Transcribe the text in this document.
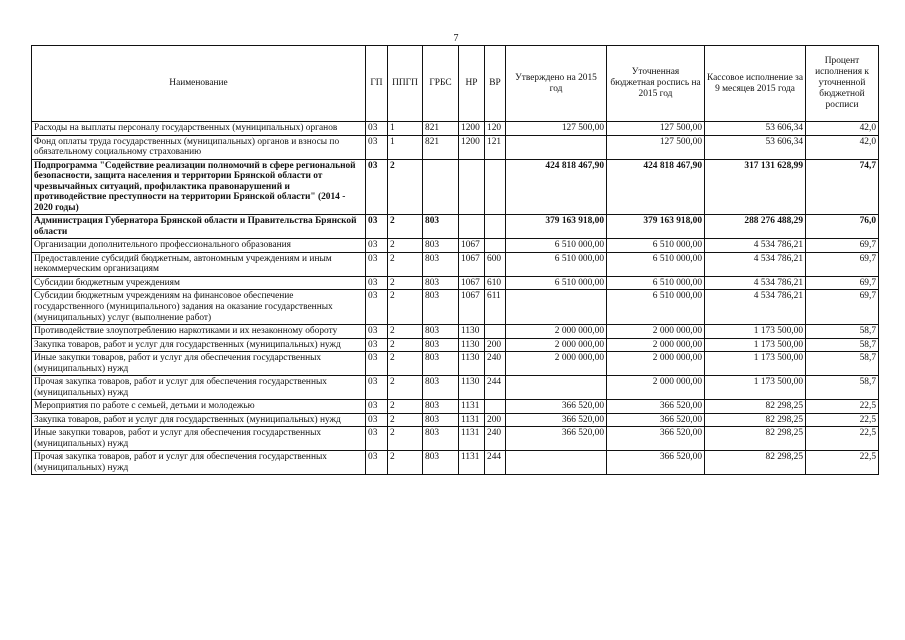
7
Наименование	ГП	ППГП	ГРБС	НР	ВР	Утверждено на 2015 год	Уточненная бюджетная роспись на 2015 год	Кассовое исполнение за 9 месяцев 2015 года	Процент исполнения к уточненной бюджетной росписи
Расходы на выплаты персоналу государственных (муниципальных) органов	03	1	821	1200	120	127 500,00	127 500,00	53 606,34	42,0
Фонд оплаты труда государственных (муниципальных) органов и взносы по обязательному социальному страхованию	03	1	821	1200	121		127 500,00	53 606,34	42,0
Подпрограмма "Содействие реализации полномочий в сфере региональной безопасности, защита населения и территории Брянской области от чрезвычайных ситуаций, профилактика правонарушений и противодействие преступности на территории Брянской области" (2014 - 2020 годы)	03	2				424 818 467,90	424 818 467,90	317 131 628,99	74,7
Администрация Губернатора Брянской области и Правительства Брянской области	03	2	803			379 163 918,00	379 163 918,00	288 276 488,29	76,0
Организации дополнительного профессионального образования	03	2	803	1067		6 510 000,00	6 510 000,00	4 534 786,21	69,7
Предоставление субсидий бюджетным, автономным учреждениям и иным некоммерческим организациям	03	2	803	1067	600	6 510 000,00	6 510 000,00	4 534 786,21	69,7
Субсидии бюджетным учреждениям	03	2	803	1067	610	6 510 000,00	6 510 000,00	4 534 786,21	69,7
Субсидии бюджетным учреждениям на финансовое обеспечение государственного (муниципального) задания на оказание государственных (муниципальных) услуг (выполнение работ)	03	2	803	1067	611		6 510 000,00	4 534 786,21	69,7
Противодействие злоупотреблению наркотиками и их незаконному обороту	03	2	803	1130		2 000 000,00	2 000 000,00	1 173 500,00	58,7
Закупка товаров, работ и услуг для государственных (муниципальных) нужд	03	2	803	1130	200	2 000 000,00	2 000 000,00	1 173 500,00	58,7
Иные закупки товаров, работ и услуг для обеспечения государственных (муниципальных) нужд	03	2	803	1130	240	2 000 000,00	2 000 000,00	1 173 500,00	58,7
Прочая закупка товаров, работ и услуг для обеспечения государственных (муниципальных) нужд	03	2	803	1130	244		2 000 000,00	1 173 500,00	58,7
Мероприятия по работе с семьей, детьми и молодежью	03	2	803	1131		366 520,00	366 520,00	82 298,25	22,5
Закупка товаров, работ и услуг для государственных (муниципальных) нужд	03	2	803	1131	200	366 520,00	366 520,00	82 298,25	22,5
Иные закупки товаров, работ и услуг для обеспечения государственных (муниципальных) нужд	03	2	803	1131	240	366 520,00	366 520,00	82 298,25	22,5
Прочая закупка товаров, работ и услуг для обеспечения государственных (муниципальных) нужд	03	2	803	1131	244		366 520,00	82 298,25	22,5
